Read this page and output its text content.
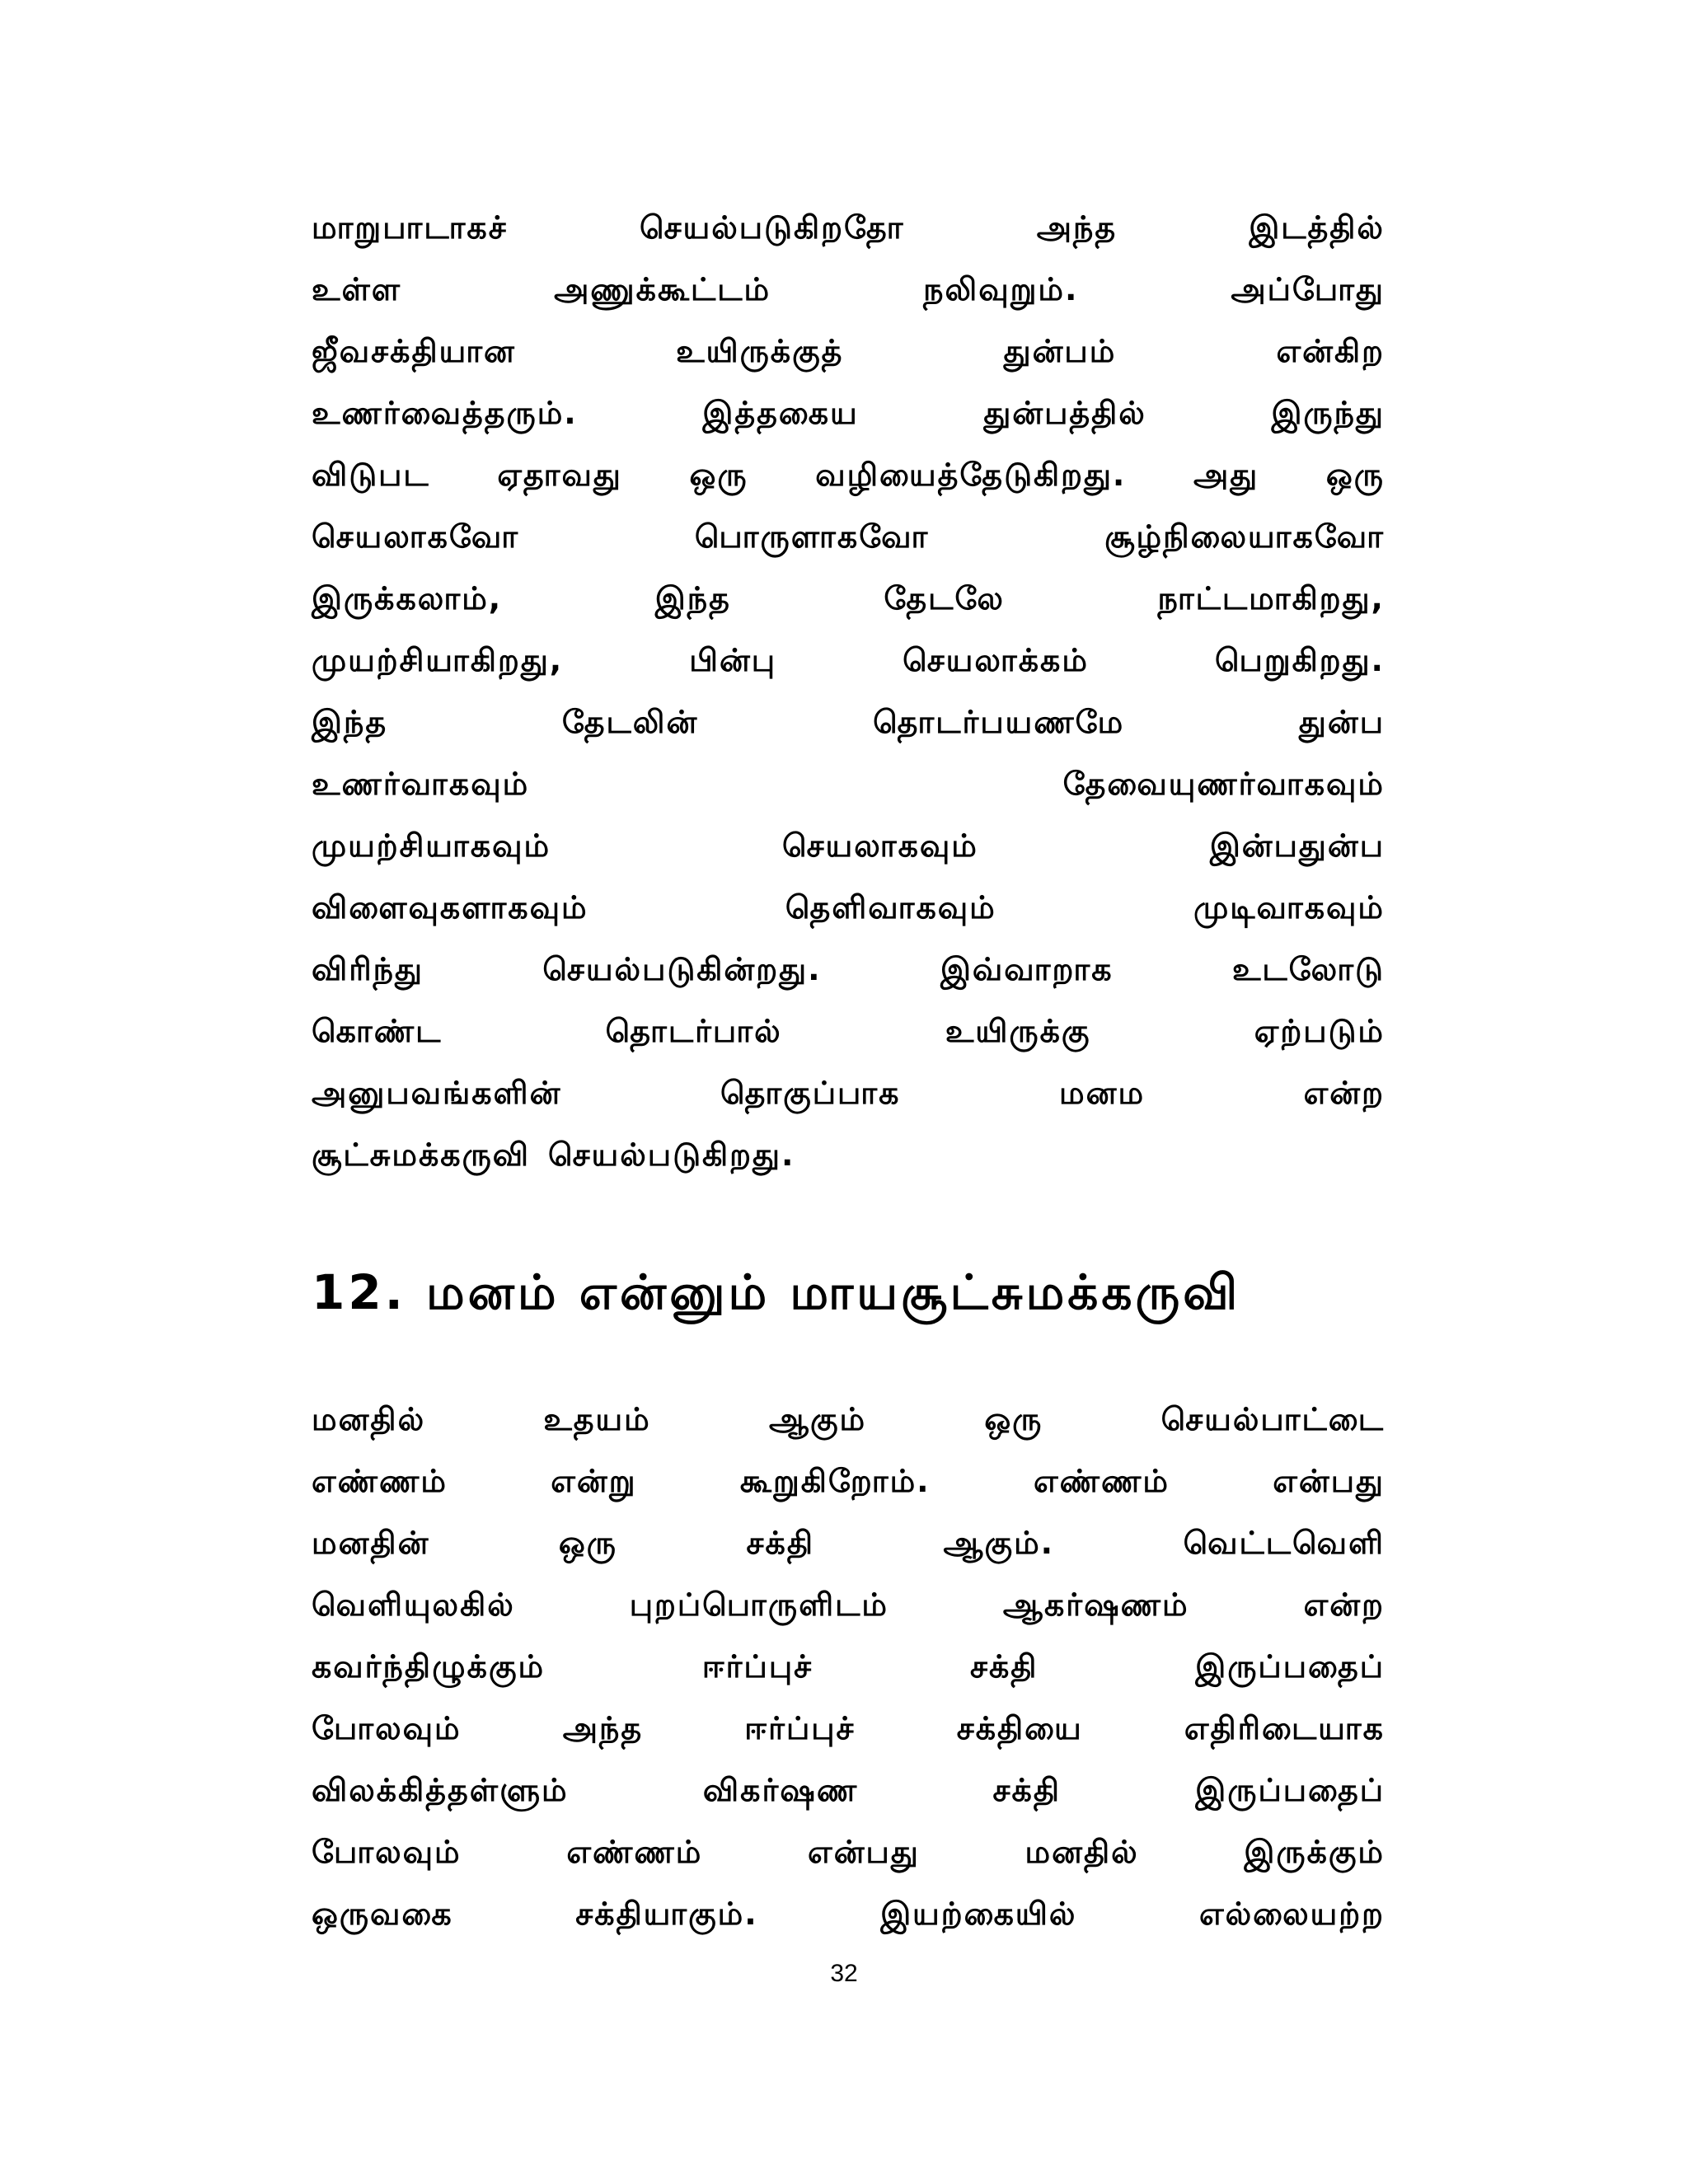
மாறுபாடாகச்	செயல்படுகிறதோ	அந்த	இடத்தில்
உள்ள	அணுக்கூட்டம்	நலிவுறும்.	அப்போது
ஜீவசக்தியான	உயிருக்குத்	துன்பம்	என்கிற
உணர்வைத்தரும்.	இத்தகைய	துன்பத்தில்	இருந்து
விடுபட ஏதாவது ஒரு வழியைத்தேடுகிறது. அது ஒரு
செயலாகவோ	பொருளாகவோ	சூழ்நிலையாகவோ
இருக்கலாம்,	இந்த	தேடலே	நாட்டமாகிறது,
முயற்சியாகிறது,	பின்பு	செயலாக்கம்	பெறுகிறது.
இந்த	தேடலின்	தொடர்பயணமே	துன்ப
உணர்வாகவும்	தேவையுணர்வாகவும்
முயற்சியாகவும்	செயலாகவும்	இன்பதுன்ப
விளைவுகளாகவும்	தெளிவாகவும்	முடிவாகவும்
விரிந்து	செயல்படுகின்றது.	இவ்வாறாக	உடலோடு
கொண்ட	தொடர்பால்	உயிருக்கு	ஏற்படும்
அனுபவங்களின்	தொகுப்பாக	மனம	என்ற
சூட்சுமக்கருவி செயல்படுகிறது.
12. மனம் என்னும் மாயசூட்சுமக்கருவி
மனதில்	உதயம்	ஆகும்	ஒரு	செயல்பாட்டை
எண்ணம்	என்று	கூறுகிறோம்.	எண்ணம்	என்பது
மனதின்	ஒரு	சக்தி	ஆகும்.	வெட்டவெளி
வெளியுலகில்	புறப்பொருளிடம்	ஆகர்ஷணம்	என்ற
கவர்ந்திழுக்கும்	ஈர்ப்புச்	சக்தி	இருப்பதைப்
போலவும்	அந்த	ஈர்ப்புச்	சக்தியை	எதிரிடையாக
விலக்கித்தள்ளும்	விகர்ஷண	சக்தி	இருப்பதைப்
போலவும்	எண்ணம்	என்பது	மனதில்	இருக்கும்
ஒருவகை	சக்தியாகும்.	இயற்கையில்	எல்லையற்ற
32
